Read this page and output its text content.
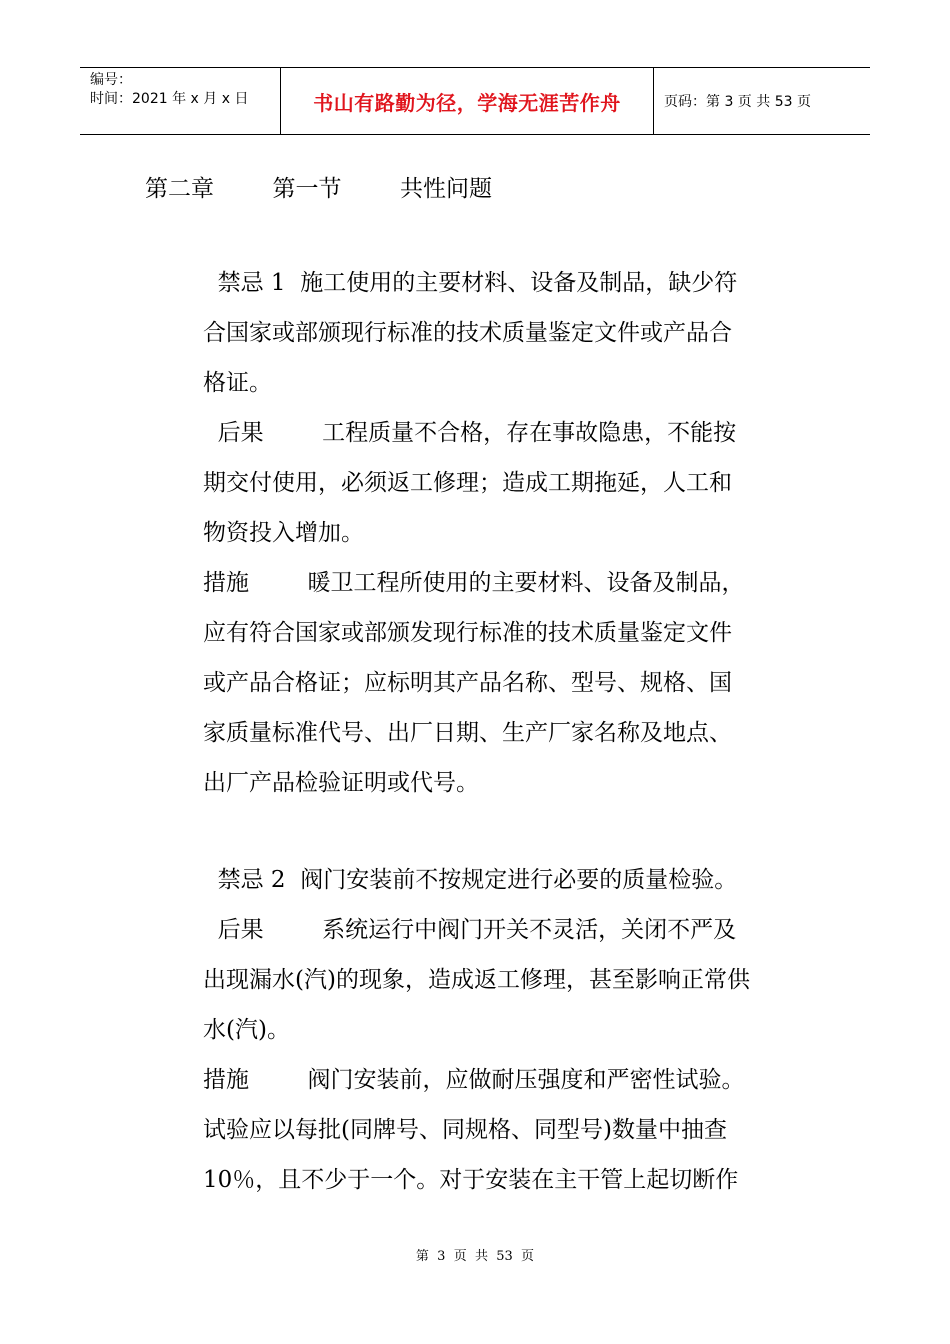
编号：
时间：2021 年 x 月 x 日	书山有路勤为径，学海无涯苦作舟	页码：第 3 页 共 53 页
第二章        第一节        共性问题
禁忌 1  施工使用的主要材料、设备及制品，缺少符
合国家或部颁现行标准的技术质量鉴定文件或产品合
格证。
后果        工程质量不合格，存在事故隐患，不能按
期交付使用，必须返工修理；造成工期拖延，人工和
物资投入增加。
措施        暖卫工程所使用的主要材料、设备及制品，
应有符合国家或部颁发现行标准的技术质量鉴定文件
或产品合格证；应标明其产品名称、型号、规格、国
家质量标准代号、出厂日期、生产厂家名称及地点、
出厂产品检验证明或代号。
禁忌 2  阀门安装前不按规定进行必要的质量检验。
后果        系统运行中阀门开关不灵活，关闭不严及
出现漏水(汽)的现象，造成返工修理，甚至影响正常供
水(汽)。
措施        阀门安装前，应做耐压强度和严密性试验。
试验应以每批(同牌号、同规格、同型号)数量中抽查
10％，且不少于一个。对于安装在主干管上起切断作
第  3  页  共  53  页
